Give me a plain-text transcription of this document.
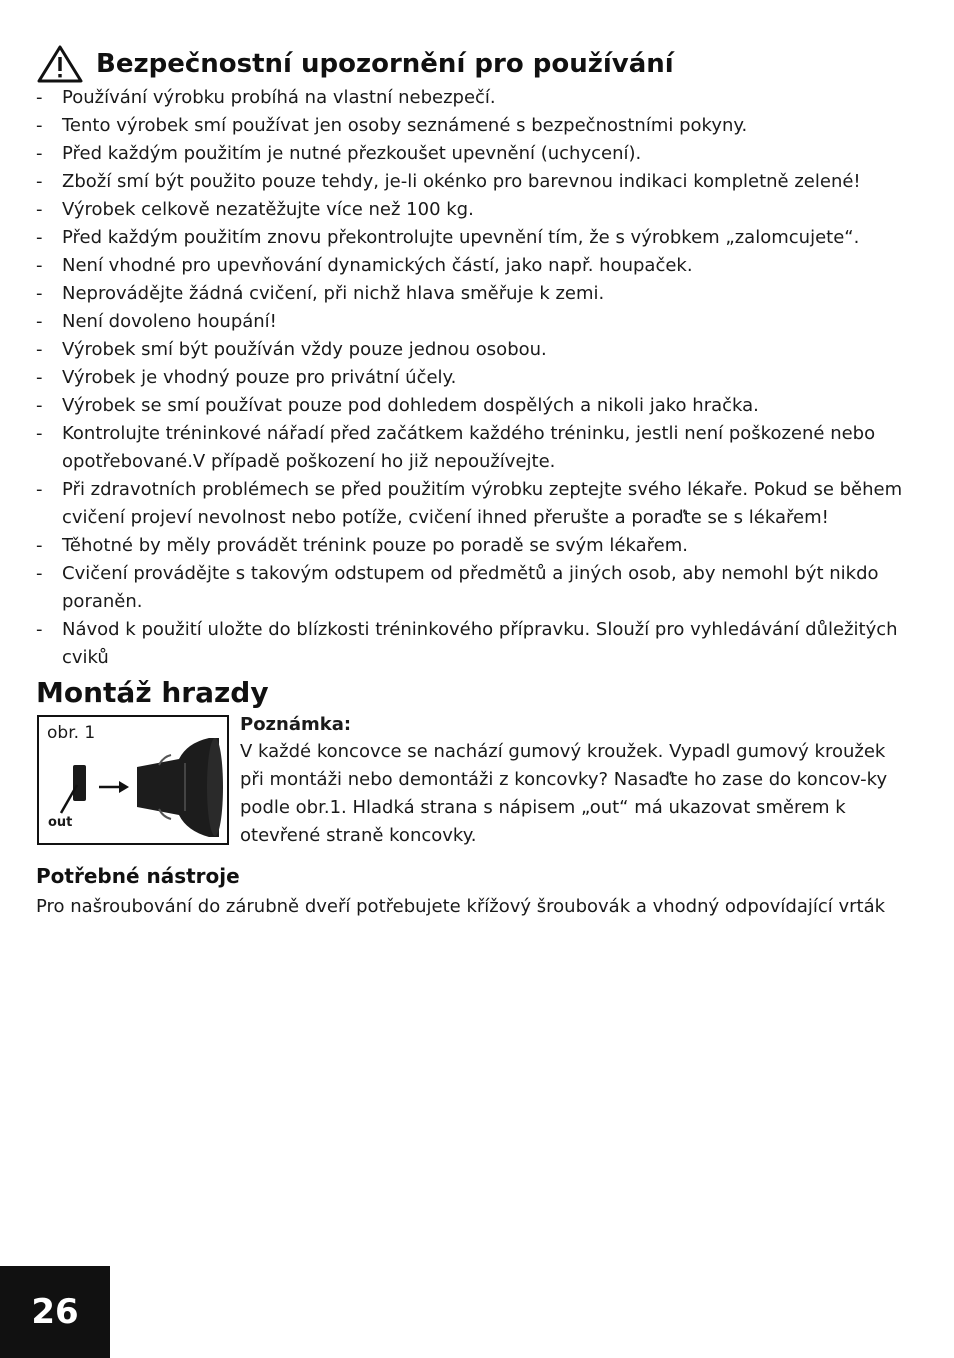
Bezpečnostní upozornění pro používání
- Používání výrobku probíhá na vlastní nebezpečí.
- Tento výrobek smí používat jen osoby seznámené s bezpečnostními pokyny.
- Před každým použitím je nutné přezkoušet upevnění (uchycení).
- Zboží smí být použito pouze tehdy, je-li okénko pro barevnou indikaci kompletně zelené!
- Výrobek celkově nezatěžujte více než 100 kg.
- Před každým použitím znovu překontrolujte upevnění tím, že s výrobkem „zalomcujete“.
- Není vhodné pro upevňování dynamických částí, jako např. houpaček.
- Neprovádějte žádná cvičení, při nichž hlava směřuje k zemi.
- Není dovoleno houpání!
- Výrobek smí být používán vždy pouze jednou osobou.
- Výrobek je vhodný pouze pro privátní účely.
- Výrobek se smí používat pouze pod dohledem dospělých a nikoli jako hračka.
- Kontrolujte tréninkové nářadí před začátkem každého tréninku, jestli není poškozené nebo opotřebované.V případě poškození ho již nepoužívejte.
- Při zdravotních problémech se před použitím výrobku zeptejte svého lékaře. Pokud se během cvičení projeví nevolnost nebo potíže, cvičení ihned přerušte a poraďte se s lékařem!
- Těhotné by měly provádět trénink pouze po poradě se svým lékařem.
- Cvičení provádějte s takovým odstupem od předmětů a jiných osob, aby nemohl být nikdo poraněn.
- Návod k použití uložte do blízkosti tréninkového přípravku. Slouží pro vyhledávání důležitých cviků
Montáž hrazdy
obr. 1
out
Poznámka:
V každé koncovce se nachází gumový kroužek. Vypadl gumový kroužek při montáži nebo demontáži z koncovky? Nasaďte ho zase do koncov-ky podle obr.1. Hladká strana s nápisem „out“ má ukazovat směrem k otevřené straně koncovky.
Potřebné nástroje
Pro našroubování do zárubně dveří potřebujete křížový šroubovák a vhodný odpovídající vrták
26
